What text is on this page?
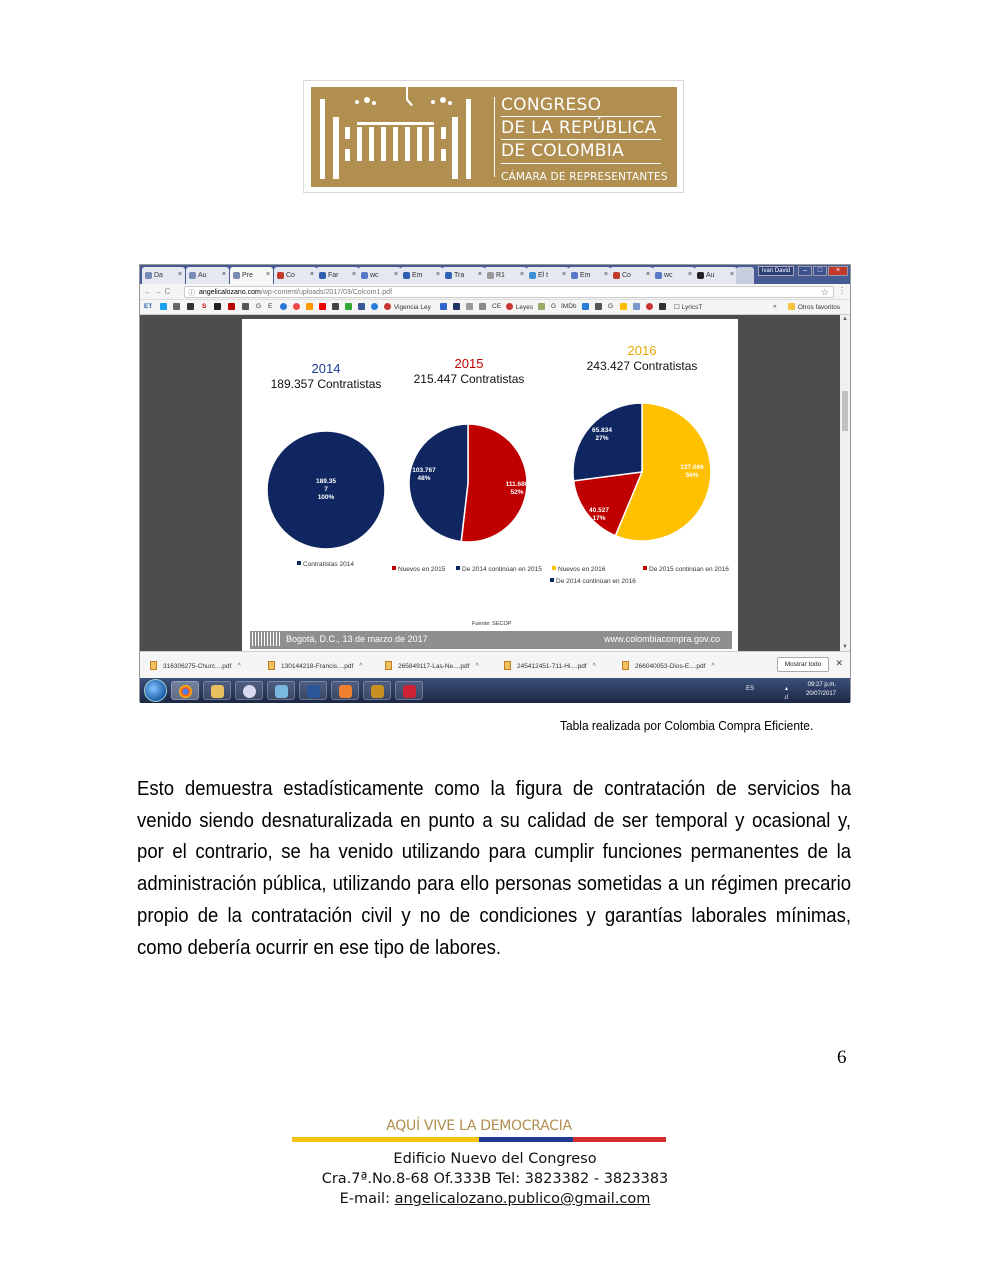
CONGRESO
DE LA REPÚBLICA
DE COLOMBIA
CÁMARA DE REPRESENTANTES
Da ×	Au ×	Pre ×	Co ×	Far ×	wc ×	Em ×	Tra ×	R1 ×	El t ×	Em ×	Co ×	wc ×	Au ×	Ivan David	–	□	×
← → C	ⓘ angelicalozano.com/wp-content/uploads/2017/03/Colcom1.pdf	☆ ⋮
ET	S	G E	Vigencia Ley	CE	Leyes	G IMDb	G	☐ LyricsT	»	Otros favoritos
2014
189.357 Contratistas
2015
215.447 Contratistas
2016
243.427 Contratistas
189.35 7 100%
111.680 52%
103.767 48%
137.066 56%
40.527 17%
65.834 27%
Contratistas 2014
Nuevos en 2015	De 2014 continúan en 2015	Nuevos en 2016	De 2015 continúan en 2016
De 2014 continúan en 2016
Fuente: SECOP
Bogotá, D.C., 13 de marzo de 2017	www.colombiacompra.gov.co
▲
▼
316306275-Churc....pdf ^	130144218-Francis....pdf ^	265849117-Las-Ne....pdf ^	245412451-711-Hi....pdf ^	266040053-Dios-E....pdf ^	Mostrar todo	✕
ES	▴ .ıl ◂)
09:27 p.m.
20/07/2017
Tabla realizada por Colombia Compra Eficiente.
Esto demuestra estadísticamente como la figura de contratación de servicios ha venido siendo desnaturalizada en punto a su calidad de ser temporal y ocasional y, por el contrario, se ha venido utilizando para cumplir funciones permanentes de la administración pública, utilizando para ello personas sometidas a un régimen precario propio de la contratación civil y no de condiciones y garantías laborales mínimas, como debería ocurrir en ese tipo de labores.
6
AQUÍ VIVE LA DEMOCRACIA
Edificio Nuevo del Congreso
Cra.7ª.No.8-68 Of.333B Tel: 3823382 - 3823383
E-mail: angelicalozano.publico@gmail.com
